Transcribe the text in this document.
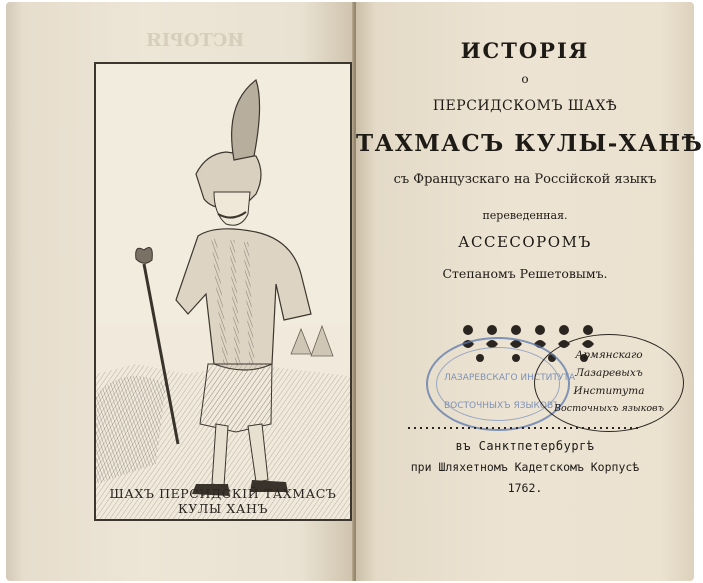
ИСТОРIЯ
ШАХЪ ПЕРСИДСКIЙ ТАХМАСЪ КУЛЫ ХАНЪ
ИСТОРIЯ
о
ПЕРСИДСКОМЪ ШАХѢ
ТАХМАСЪ КУЛЫ-ХАНѢ
съ Французскаго на Россiйской языкъ
переведенная.
АССЕСОРОМЪ
Степаномъ Решетовымъ.
ЛАЗАРЕВСКАГО ИНСТИТУТА
ВОСТОЧНЫХЪ ЯЗЫКОВЪ
Армянскаго
Лазаревыхъ
Института
Восточныхъ языковъ
въ Санктпетербургѣ
при Шляхетномъ Кадетскомъ Корпусѣ
1762.
